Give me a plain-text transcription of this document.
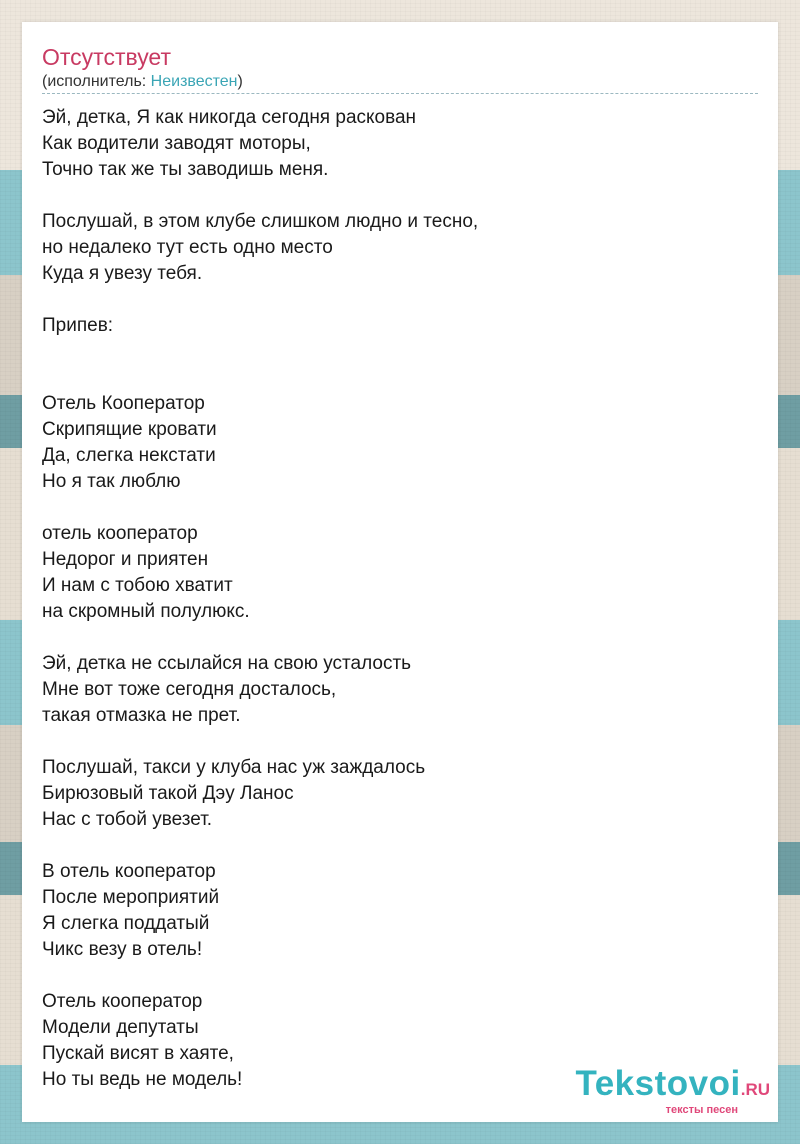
Отсутствует
(исполнитель: Неизвестен)
Эй, детка, Я как никогда сегодня раскован
Как водители заводят моторы,
Точно так же ты заводишь меня.
Послушай, в этом клубе слишком людно и тесно,
но недалеко тут есть одно место
Куда я увезу тебя.
Припев:
Отель Кооператор
Скрипящие кровати
Да, слегка некстати
Но я так люблю
отель кооператор
Недорог и приятен
И нам с тобою хватит
на скромный полулюкс.
Эй, детка не ссылайся на свою усталость
Мне вот тоже сегодня досталось,
такая отмазка не прет.
Послушай, такси у клуба нас уж заждалось
Бирюзовый такой Дэу Ланос
Нас с тобой увезет.
В отель кооператор
После мероприятий
Я слегка поддатый
Чикс везу в отель!
Отель кооператор
Модели депутаты
Пускай висят в хаяте,
Но ты ведь не модель!	Tekstovoi.RU
тексты песен
